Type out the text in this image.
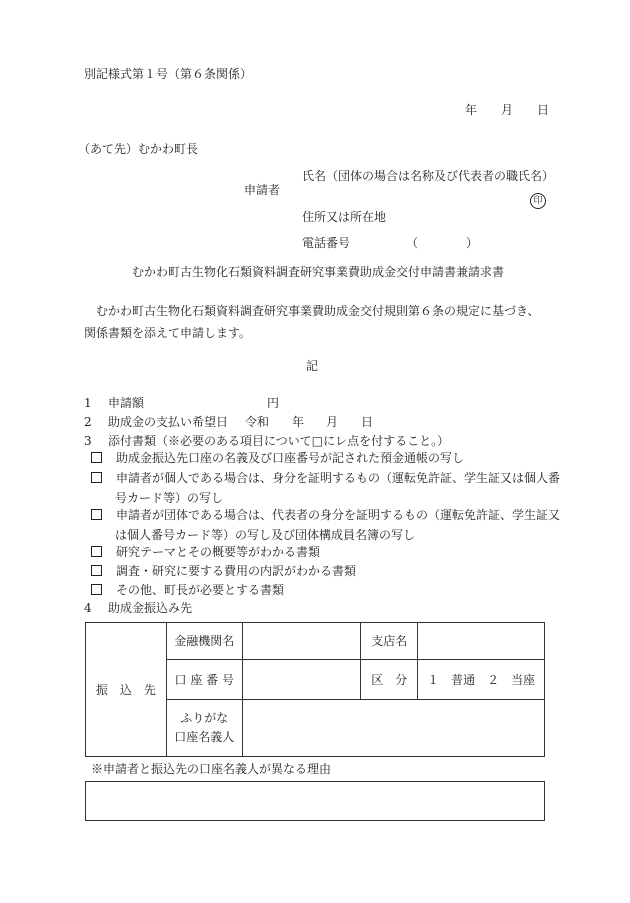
別記様式第１号（第６条関係）
年 月 日
（あて先）むかわ町長
申請者
氏名（団体の場合は名称及び代表者の職氏名）
印
住所又は所在地
電話番号	（　　　　）
むかわ町古生物化石類資料調査研究事業費助成金交付申請書兼請求書
むかわ町古生物化石類資料調査研究事業費助成金交付規則第６条の規定に基づき、関係書類を添えて申請します。
記
1 申請額	円
2 助成金の支払い希望日 令和 年 月 日
3 添付書類（※必要のある項目について□にレ点を付すること。）
助成金振込先口座の名義及び口座番号が記された預金通帳の写し
申請者が個人である場合は、身分を証明するもの（運転免許証、学生証又は個人番号カード等）の写し
申請者が団体である場合は、代表者の身分を証明するもの（運転免許証、学生証又は個人番号カード等）の写し及び団体構成員名簿の写し
研究テーマとその概要等がわかる書類
調査・研究に要する費用の内訳がわかる書類
その他、町長が必要とする書類
4 助成金振込み先
振　込　先	金融機関名		支店名	
	口 座 番 号		区　分	１　普通　２　当座
	ふりがな
口座名義人			
※申請者と振込先の口座名義人が異なる理由
